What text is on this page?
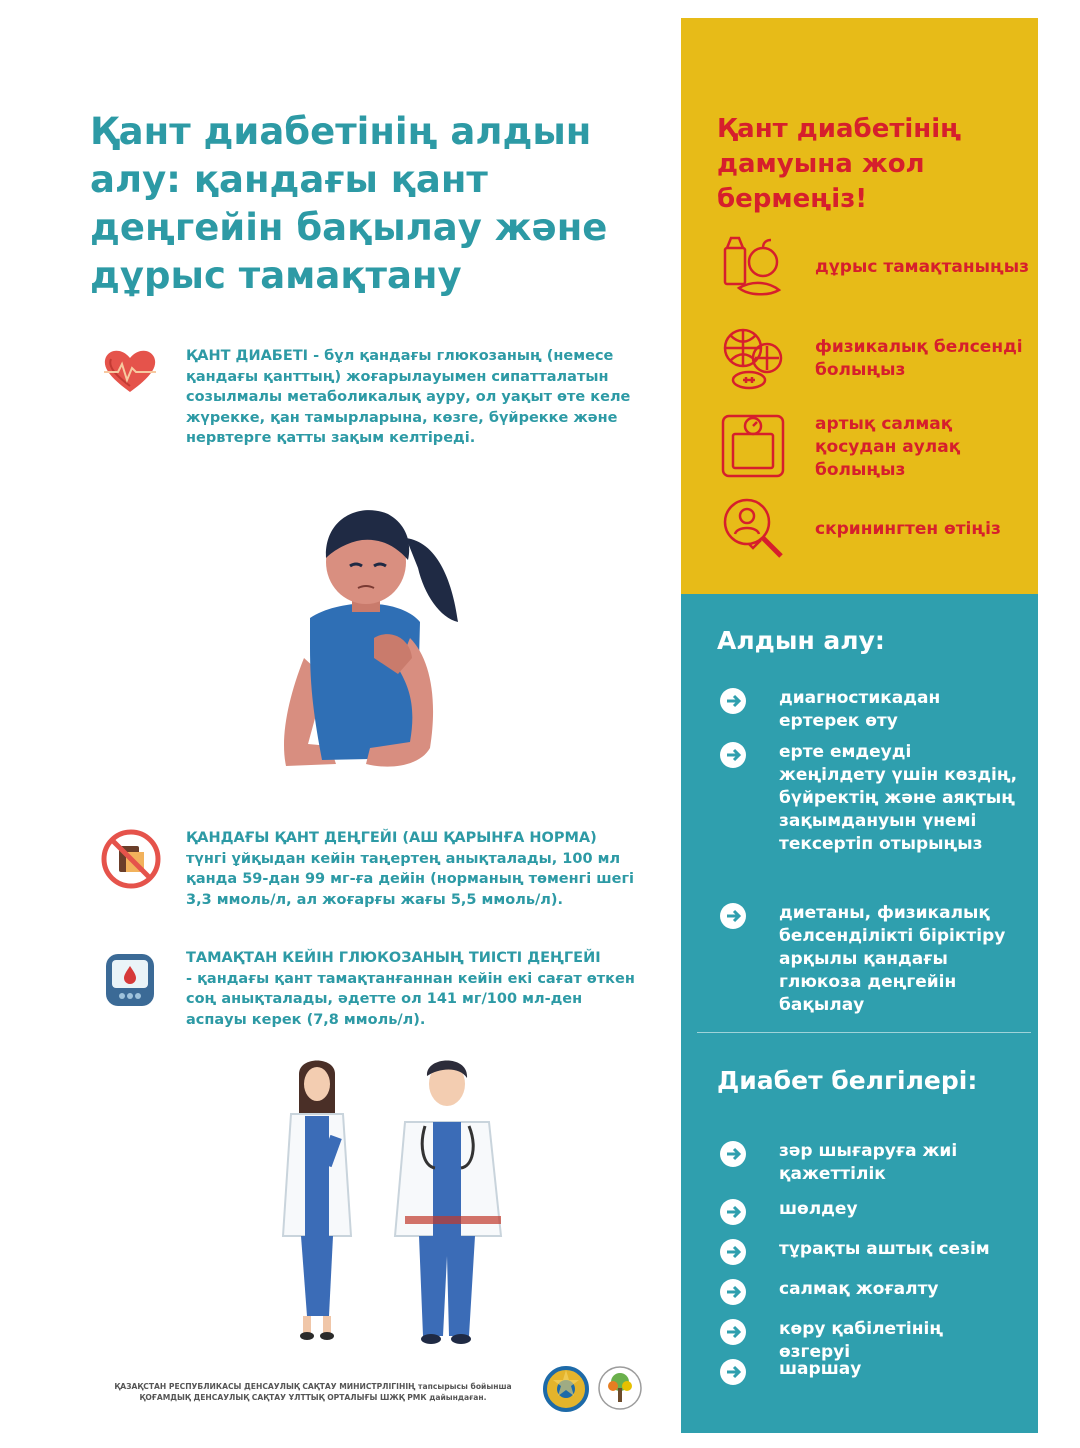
Қант диабетінің алдын алу: қандағы қант деңгейін бақылау және дұрыс тамақтану

ҚАНТ ДИАБЕТІ - бұл қандағы глюкозаның (немесе қандағы қанттың) жоғарылауымен сипатталатын созылмалы метаболикалық ауру, ол уақыт өте келе жүрекке, қан тамырларына, көзге, бүйрекке және нервтерге қатты зақым келтіреді.

ҚАНДАҒЫ ҚАНТ ДЕҢГЕЙІ (АШ ҚАРЫНҒА НОРМА)
түнгі ұйқыдан кейін таңертең анықталады, 100 мл қанда 59-дан 99 мг-ға дейін (норманың төменгі шегі 3,3 ммоль/л, ал жоғарғы жағы 5,5 ммоль/л).

ТАМАҚТАН КЕЙІН ГЛЮКОЗАНЫҢ ТИІСТІ ДЕҢГЕЙІ
- қандағы қант тамақтанғаннан кейін екі сағат өткен соң анықталады, әдетте ол 141 мг/100 мл-ден аспауы керек (7,8 ммоль/л).

ҚАЗАҚСТАН РЕСПУБЛИКАСЫ ДЕНСАУЛЫҚ САҚТАУ МИНИСТРЛІГІНІҢ тапсырысы бойынша
ҚОҒАМДЫҚ ДЕНСАУЛЫҚ САҚТАУ ҰЛТТЫҚ ОРТАЛЫҒЫ ШЖҚ РМК дайындаған.
Қант диабетінің дамуына жол бермеңіз!
дұрыс тамақтаныңыз
физикалық белсенді болыңыз
артық салмақ қосудан аулақ болыңыз
скринингтен өтіңіз
Алдын алу:
диагностикадан ертерек өту
ерте емдеуді жеңілдету үшін көздің, бүйректің және аяқтың зақымдануын үнемі тексертіп отырыңыз
диетаны, физикалық белсенділікті біріктіру арқылы қандағы глюкоза деңгейін бақылау
Диабет белгілері:
зәр шығаруға жиі қажеттілік
шөлдеу
тұрақты аштық сезім
салмақ жоғалту
көру қабілетінің өзгеруі
шаршау
